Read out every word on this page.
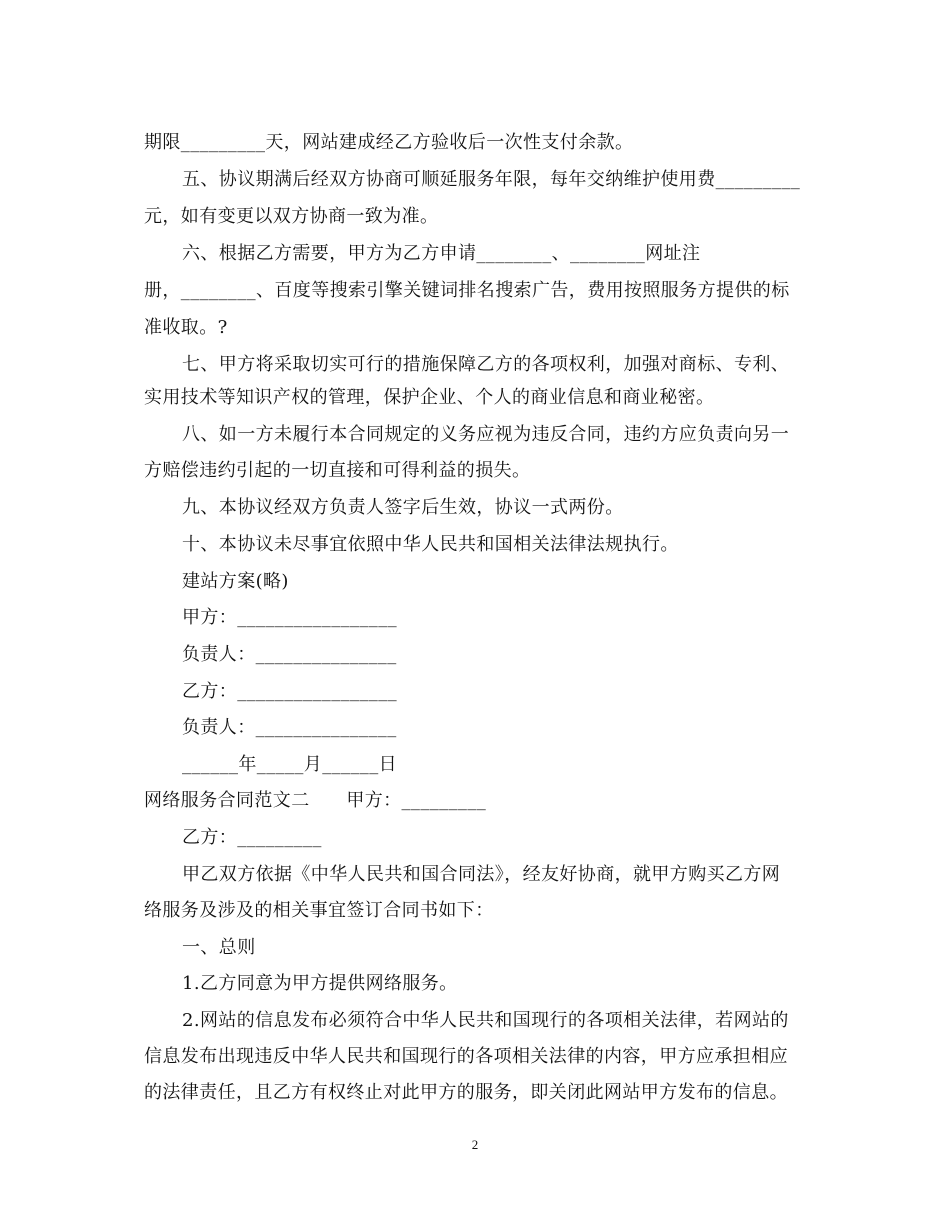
期限_________天，网站建成经乙方验收后一次性支付余款。
五、协议期满后经双方协商可顺延服务年限，每年交纳维护使用费_________
元，如有变更以双方协商一致为准。
六、根据乙方需要，甲方为乙方申请________、________网址注
册，________、百度等搜索引擎关键词排名搜索广告，费用按照服务方提供的标
准收取。?
七、甲方将采取切实可行的措施保障乙方的各项权利，加强对商标、专利、
实用技术等知识产权的管理，保护企业、个人的商业信息和商业秘密。
八、如一方未履行本合同规定的义务应视为违反合同，违约方应负责向另一
方赔偿违约引起的一切直接和可得利益的损失。
九、本协议经双方负责人签字后生效，协议一式两份。
十、本协议未尽事宜依照中华人民共和国相关法律法规执行。
建站方案(略)
甲方：_________________
负责人：_______________
乙方：_________________
负责人：_______________
______年_____月______日
网络服务合同范文二      甲方：_________
乙方：_________
甲乙双方依据《中华人民共和国合同法》，经友好协商，就甲方购买乙方网
络服务及涉及的相关事宜签订合同书如下：
一、总则
1.乙方同意为甲方提供网络服务。
2.网站的信息发布必须符合中华人民共和国现行的各项相关法律，若网站的
信息发布出现违反中华人民共和国现行的各项相关法律的内容，甲方应承担相应
的法律责任，且乙方有权终止对此甲方的服务，即关闭此网站甲方发布的信息。
2
